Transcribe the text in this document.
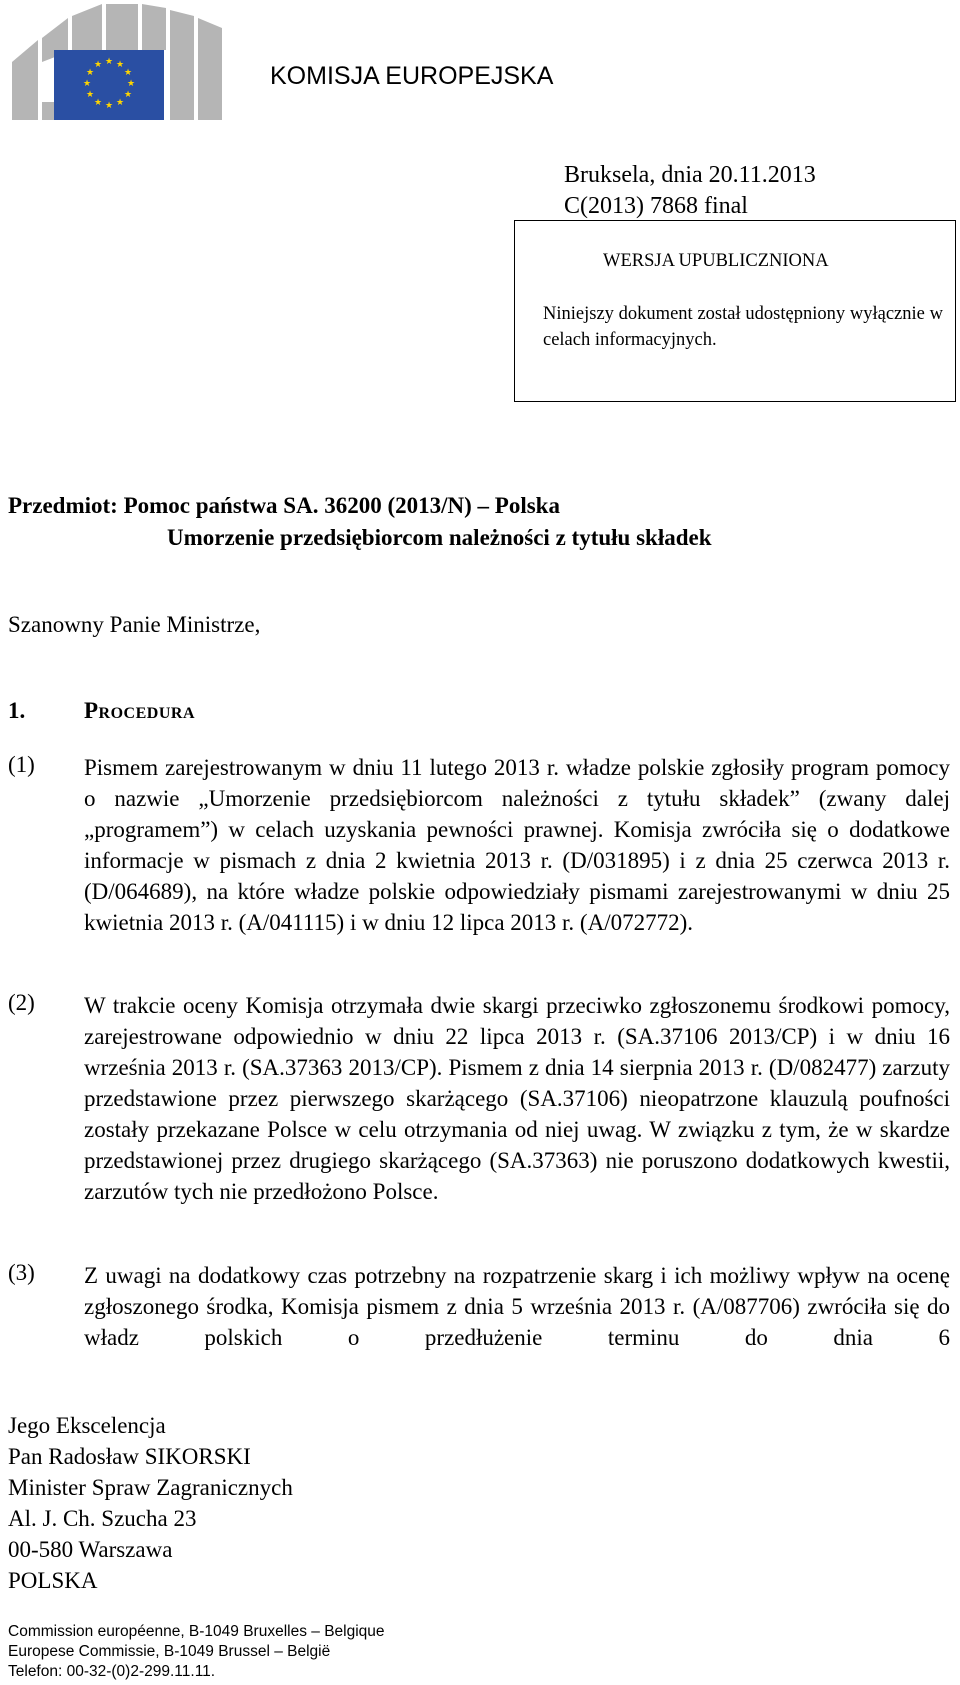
★ ★
★
★
★
★
★
★
★
★
★
★	KOMISJA EUROPEJSKA
Bruksela, dnia 20.11.2013
C(2013) 7868 final
WERSJA UPUBLICZNIONA
Niniejszy dokument został udostępniony wyłącznie w celach informacyjnych.
Przedmiot: Pomoc państwa SA. 36200 (2013/N) – Polska
Umorzenie przedsiębiorcom należności z tytułu składek
Szanowny Panie Ministrze,
1.	Procedura
(1) Pismem zarejestrowanym w dniu 11 lutego 2013 r. władze polskie zgłosiły program pomocy o nazwie „Umorzenie przedsiębiorcom należności z tytułu składek” (zwany dalej „programem”) w celach uzyskania pewności prawnej. Komisja zwróciła się o dodatkowe informacje w pismach z dnia 2 kwietnia 2013 r. (D/031895) i z dnia 25 czerwca 2013 r. (D/064689), na które władze polskie odpowiedziały pismami zarejestrowanymi w dniu 25 kwietnia 2013 r. (A/041115) i w dniu 12 lipca 2013 r. (A/072772).
(2) W trakcie oceny Komisja otrzymała dwie skargi przeciwko zgłoszonemu środkowi pomocy, zarejestrowane odpowiednio w dniu 22 lipca 2013 r. (SA.37106 2013/CP) i w dniu 16 września 2013 r. (SA.37363 2013/CP). Pismem z dnia 14 sierpnia 2013 r. (D/082477) zarzuty przedstawione przez pierwszego skarżącego (SA.37106) nieopatrzone klauzulą poufności zostały przekazane Polsce w celu otrzymania od niej uwag. W związku z tym, że w skardze przedstawionej przez drugiego skarżącego (SA.37363) nie poruszono dodatkowych kwestii, zarzutów tych nie przedłożono Polsce.
(3) Z uwagi na dodatkowy czas potrzebny na rozpatrzenie skarg i ich możliwy wpływ na ocenę zgłoszonego środka, Komisja pismem z dnia 5 września 2013 r. (A/087706) zwróciła się do władz polskich o przedłużenie terminu do dnia 6
Jego Ekscelencja
Pan Radosław SIKORSKI
Minister Spraw Zagranicznych
Al. J. Ch. Szucha 23
00-580 Warszawa
POLSKA
Commission européenne, B-1049 Bruxelles – Belgique
Europese Commissie, B-1049 Brussel – België
Telefon: 00-32-(0)2-299.11.11.
